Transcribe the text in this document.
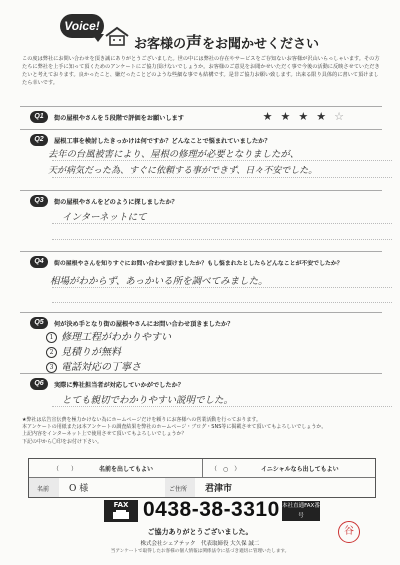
Voice!
お客様の声をお聞かせください
この度は弊社にお問い合わせを頂き誠にありがとうございました。世の中には弊社の存在やサービスをご存知ないお客様が沢山いらっしゃいます。その方たちに弊社を上手に知って頂くためのアンケートにご協力頂けないでしょうか。お客様のご意見をお聞かせいただく事で今後の活動に反映させていただきたいと考えております。良かったこと、嫌だったことどのような些細な事でも結構です。是非ご協力お願い致します。出来る限り具体的に書いて頂けましたら幸いです。
Q1	街の屋根やさんを５段階で評価をお願いします	★★★★☆
Q2	屋根工事を検討したきっかけは何ですか？どんなことで悩まれていましたか？
去年の台風被害により、屋根の修理が必要となりましたが、
天が病気だった為、すぐに依頼する事ができず、日々不安でした。
Q3	街の屋根やさんをどのように探しましたか？
インターネットにて
Q4	街の屋根やさんを知りすぐにお問い合わせ頂けましたか？もし悩まれたとしたらどんなことが不安でしたか？
相場がわからず、あっかいる所を調べてみました。
Q5	何が決め手となり街の屋根やさんにお問い合わせ頂きましたか？
1 修理工程がわかりやすい
2 見積りが無料
3 電話対応の丁寧さ
Q6	実際に弊社担当者が対応していかがでしたか？
とても親切でわかりやすい説明でした。
★弊社は広告宣伝費を極力かけない為にホームページだけを頼りにお客様への営業活動を行っております。
本アンケートの用紙または本アンケートの調査結果を弊社のホームページ・ブログ・SNS等に掲載させて頂いてもよろしいでしょうか。
上記内容をインターネット上で使用させて頂いてもよろしいでしょうか？
下記の中から〇印をお付け下さい。
（　　）	名前を出してもよい	（　○　）	イニシャルなら出してもよい
名前 O 様	ご住所 君津市
FAX 0438-38-3310 本社直通FAX番号
ご協力ありがとうございました。
株式会社シェアテック　代表取締役 大久保 誠二
当アンケートで取得したお客様の個人情報は関係法令に基づき適切に管理いたします。
谷
